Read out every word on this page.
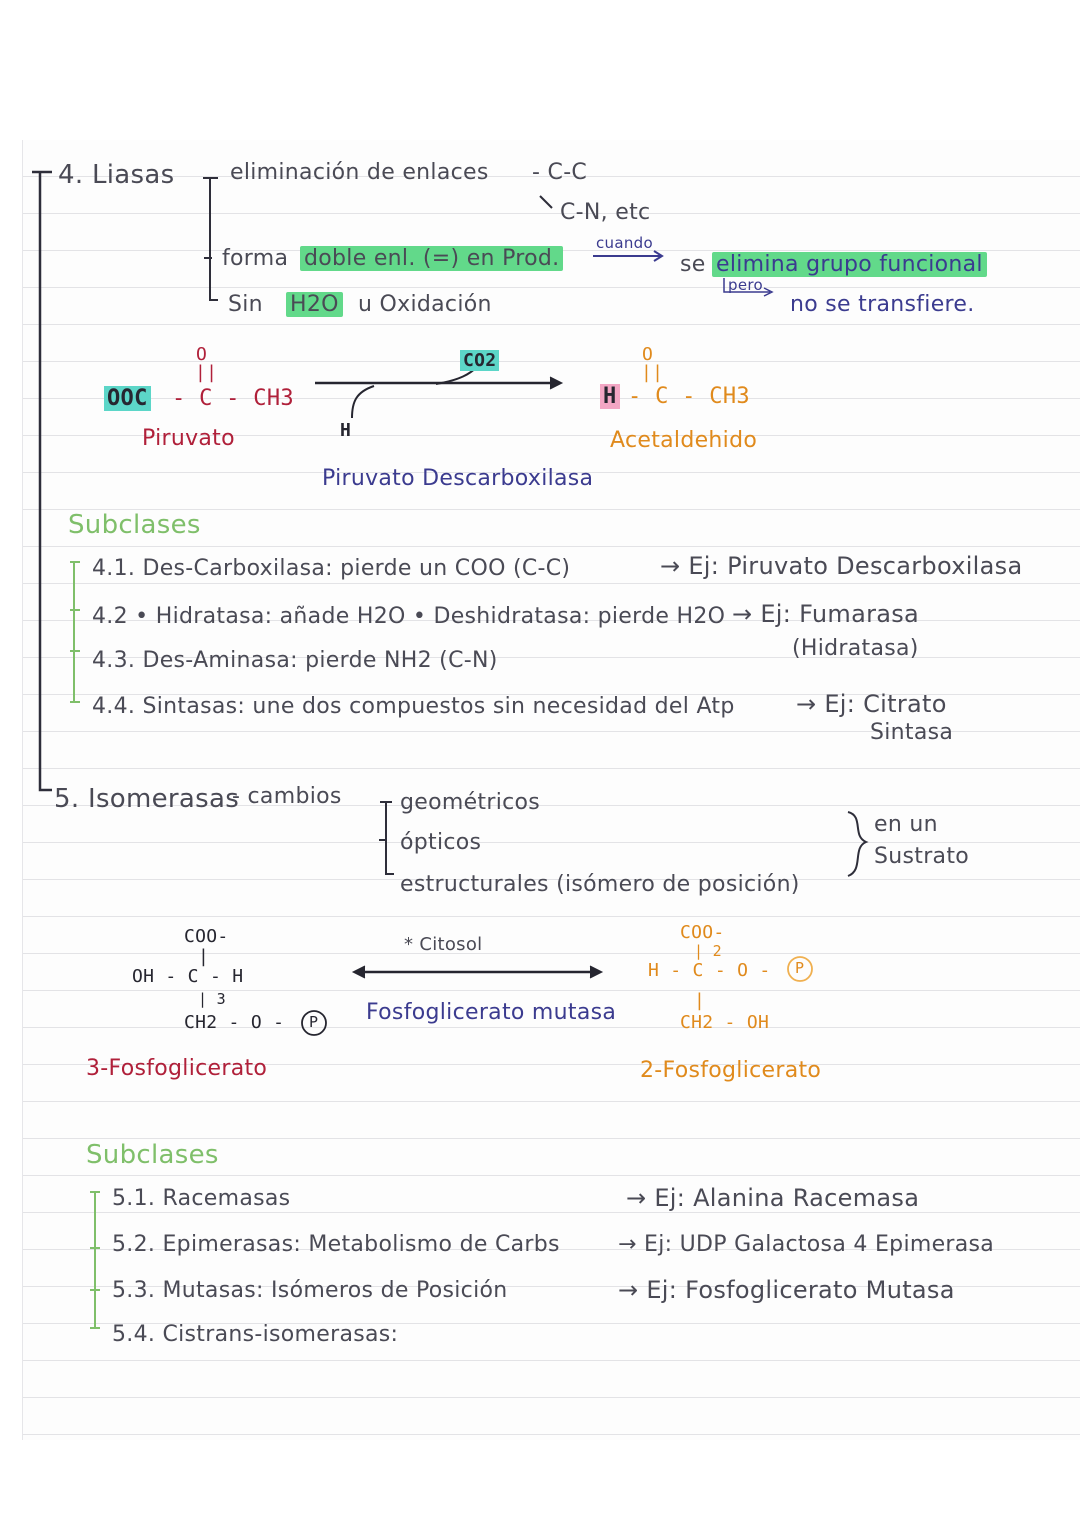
4. Liasas	eliminación de enlaces - C-C
C-N, etc
forma doble enl. (=) en Prod.
cuando
se elimina grupo funcional
pero
no se transfiere.
Sin H2O u Oxidación
O
||
OOC - C - CH3
Piruvato
CO2
H
O
||
H - C - CH3
Acetaldehido
Piruvato Descarboxilasa
Subclases
4.1. Des-Carboxilasa: pierde un COO (C-C)	→ Ej: Piruvato Descarboxilasa
4.2 • Hidratasa: añade H2O • Deshidratasa: pierde H2O → Ej: Fumarasa
(Hidratasa)
4.3. Des-Aminasa: pierde NH2 (C-N)
4.4. Sintasas: une dos compuestos sin necesidad del Atp	→ Ej: Citrato
Sintasa
5. Isomerasas
- cambios	geométricos
ópticos
estructurales (isómero de posición)
en un
Sustrato
COO-
|
OH - C - H
| 3
CH2 - O - P
3-Fosfoglicerato
* Citosol
Fosfoglicerato mutasa
COO-
| 2
H - C - O - P
|
CH2 - OH
2-Fosfoglicerato
Subclases
5.1. Racemasas	→ Ej: Alanina Racemasa
5.2. Epimerasas: Metabolismo de Carbs	→ Ej: UDP Galactosa 4 Epimerasa
5.3. Mutasas: Isómeros de Posición	→ Ej: Fosfoglicerato Mutasa
5.4. Cistrans-isomerasas:
